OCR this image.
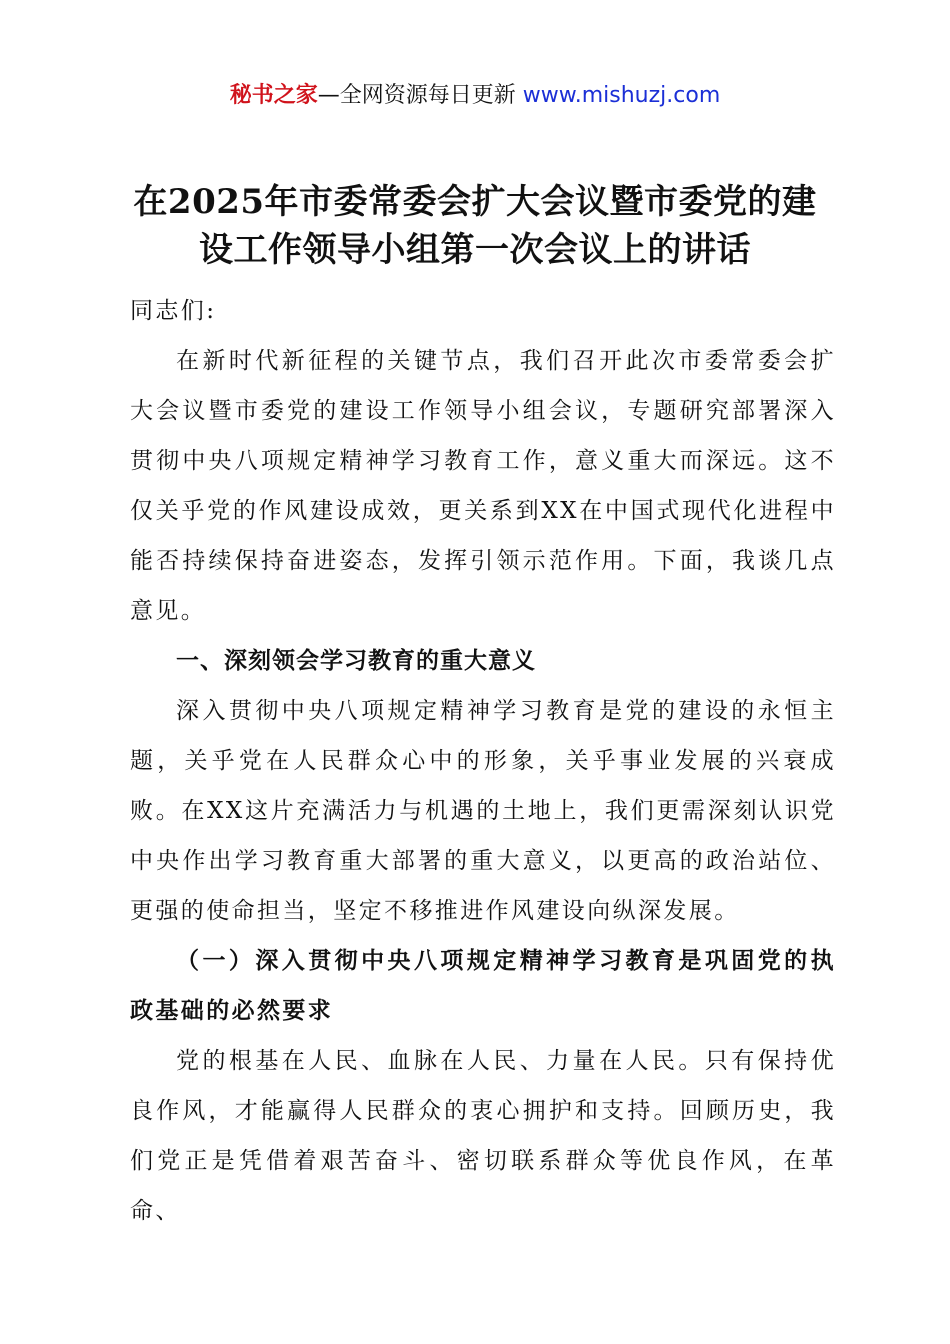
秘书之家—全网资源每日更新 www.mishuzj.com
在2025年市委常委会扩大会议暨市委党的建
设工作领导小组第一次会议上的讲话

同志们:

在新时代新征程的关键节点，我们召开此次市委常委会扩大会议暨市委党的建设工作领导小组会议，专题研究部署深入贯彻中央八项规定精神学习教育工作，意义重大而深远。这不仅关乎党的作风建设成效，更关系到XX在中国式现代化进程中能否持续保持奋进姿态，发挥引领示范作用。下面，我谈几点意见。

一、深刻领会学习教育的重大意义

深入贯彻中央八项规定精神学习教育是党的建设的永恒主题，关乎党在人民群众心中的形象，关乎事业发展的兴衰成败。在XX这片充满活力与机遇的土地上，我们更需深刻认识党中央作出学习教育重大部署的重大意义，以更高的政治站位、更强的使命担当，坚定不移推进作风建设向纵深发展。

（一）深入贯彻中央八项规定精神学习教育是巩固党的执政基础的必然要求

党的根基在人民、血脉在人民、力量在人民。只有保持优良作风，才能赢得人民群众的衷心拥护和支持。回顾历史，我们党正是凭借着艰苦奋斗、密切联系群众等优良作风，在革命、
